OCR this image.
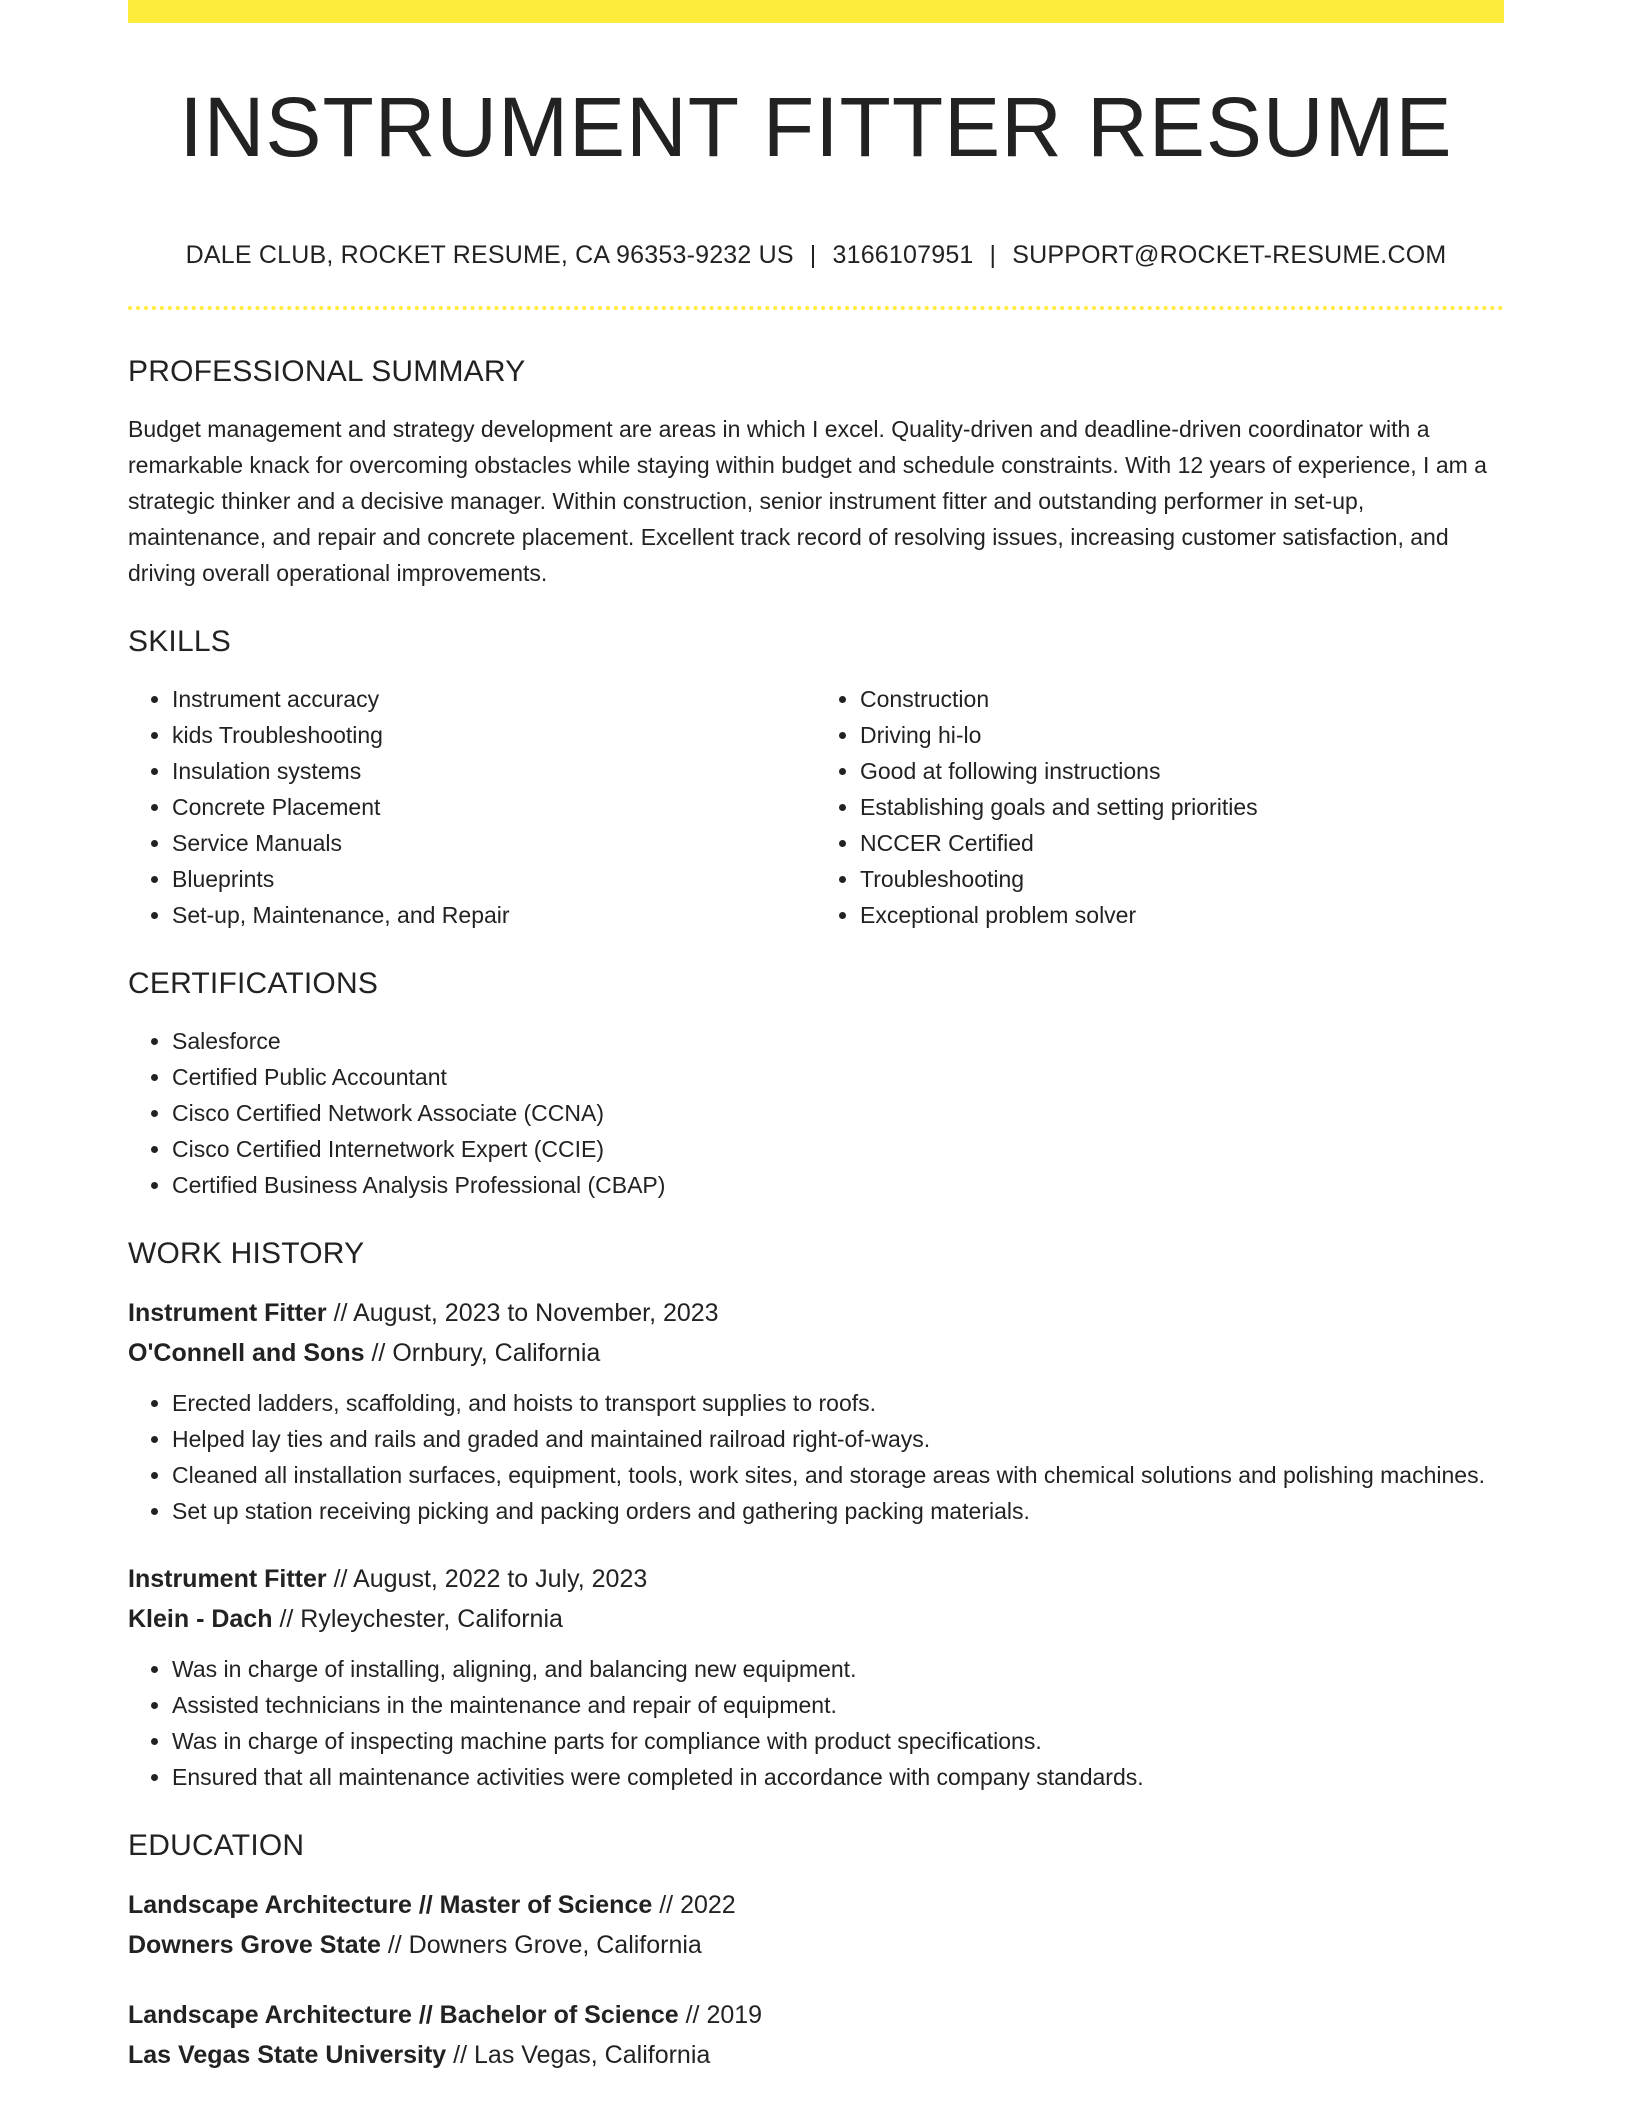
INSTRUMENT FITTER RESUME
DALE CLUB, ROCKET RESUME, CA 96353-9232 US | 3166107951 | SUPPORT@ROCKET-RESUME.COM
PROFESSIONAL SUMMARY

Budget management and strategy development are areas in which I excel. Quality-driven and deadline-driven coordinator with a remarkable knack for overcoming obstacles while staying within budget and schedule constraints. With 12 years of experience, I am a strategic thinker and a decisive manager. Within construction, senior instrument fitter and outstanding performer in set-up, maintenance, and repair and concrete placement. Excellent track record of resolving issues, increasing customer satisfaction, and driving overall operational improvements.

SKILLS
• Instrument accuracy
• kids Troubleshooting
• Insulation systems
• Concrete Placement
• Service Manuals
• Blueprints
• Set-up, Maintenance, and Repair
• Construction
• Driving hi-lo
• Good at following instructions
• Establishing goals and setting priorities
• NCCER Certified
• Troubleshooting
• Exceptional problem solver
CERTIFICATIONS
• Salesforce
• Certified Public Accountant
• Cisco Certified Network Associate (CCNA)
• Cisco Certified Internetwork Expert (CCIE)
• Certified Business Analysis Professional (CBAP)
WORK HISTORY
Instrument Fitter // August, 2023 to November, 2023
O'Connell and Sons // Ornbury, California
• Erected ladders, scaffolding, and hoists to transport supplies to roofs.
• Helped lay ties and rails and graded and maintained railroad right-of-ways.
• Cleaned all installation surfaces, equipment, tools, work sites, and storage areas with chemical solutions and polishing machines.
• Set up station receiving picking and packing orders and gathering packing materials.
Instrument Fitter // August, 2022 to July, 2023
Klein - Dach // Ryleychester, California
• Was in charge of installing, aligning, and balancing new equipment.
• Assisted technicians in the maintenance and repair of equipment.
• Was in charge of inspecting machine parts for compliance with product specifications.
• Ensured that all maintenance activities were completed in accordance with company standards.
EDUCATION
Landscape Architecture // Master of Science // 2022
Downers Grove State // Downers Grove, California
Landscape Architecture // Bachelor of Science // 2019
Las Vegas State University // Las Vegas, California
